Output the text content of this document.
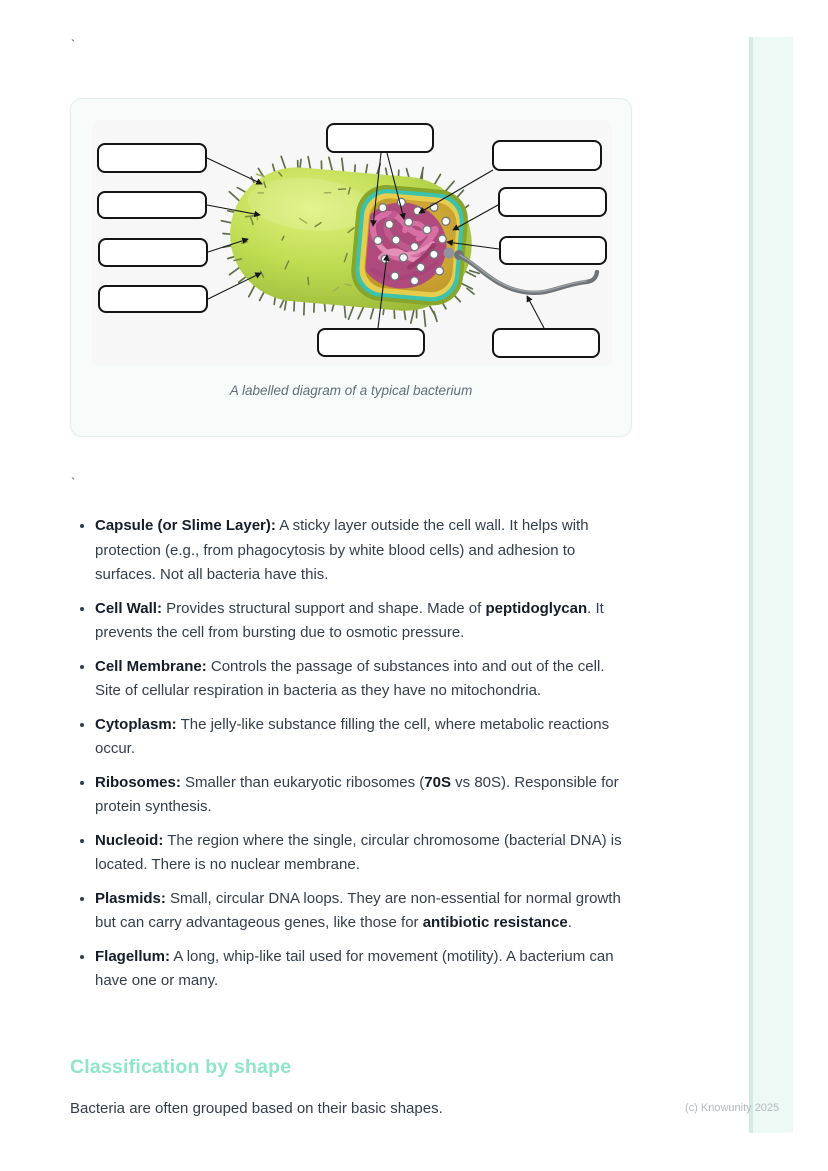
`
A labelled diagram of a typical bacterium
`
• Capsule (or Slime Layer): A sticky layer outside the cell wall. It helps with protection (e.g., from phagocytosis by white blood cells) and adhesion to surfaces. Not all bacteria have this.
• Cell Wall: Provides structural support and shape. Made of peptidoglycan. It prevents the cell from bursting due to osmotic pressure.
• Cell Membrane: Controls the passage of substances into and out of the cell. Site of cellular respiration in bacteria as they have no mitochondria.
• Cytoplasm: The jelly-like substance filling the cell, where metabolic reactions occur.
• Ribosomes: Smaller than eukaryotic ribosomes (70S vs 80S). Responsible for protein synthesis.
• Nucleoid: The region where the single, circular chromosome (bacterial DNA) is located. There is no nuclear membrane.
• Plasmids: Small, circular DNA loops. They are non-essential for normal growth but can carry advantageous genes, like those for antibiotic resistance.
• Flagellum: A long, whip-like tail used for movement (motility). A bacterium can have one or many.
Classification by shape

Bacteria are often grouped based on their basic shapes.	(c) Knowunity 2025
